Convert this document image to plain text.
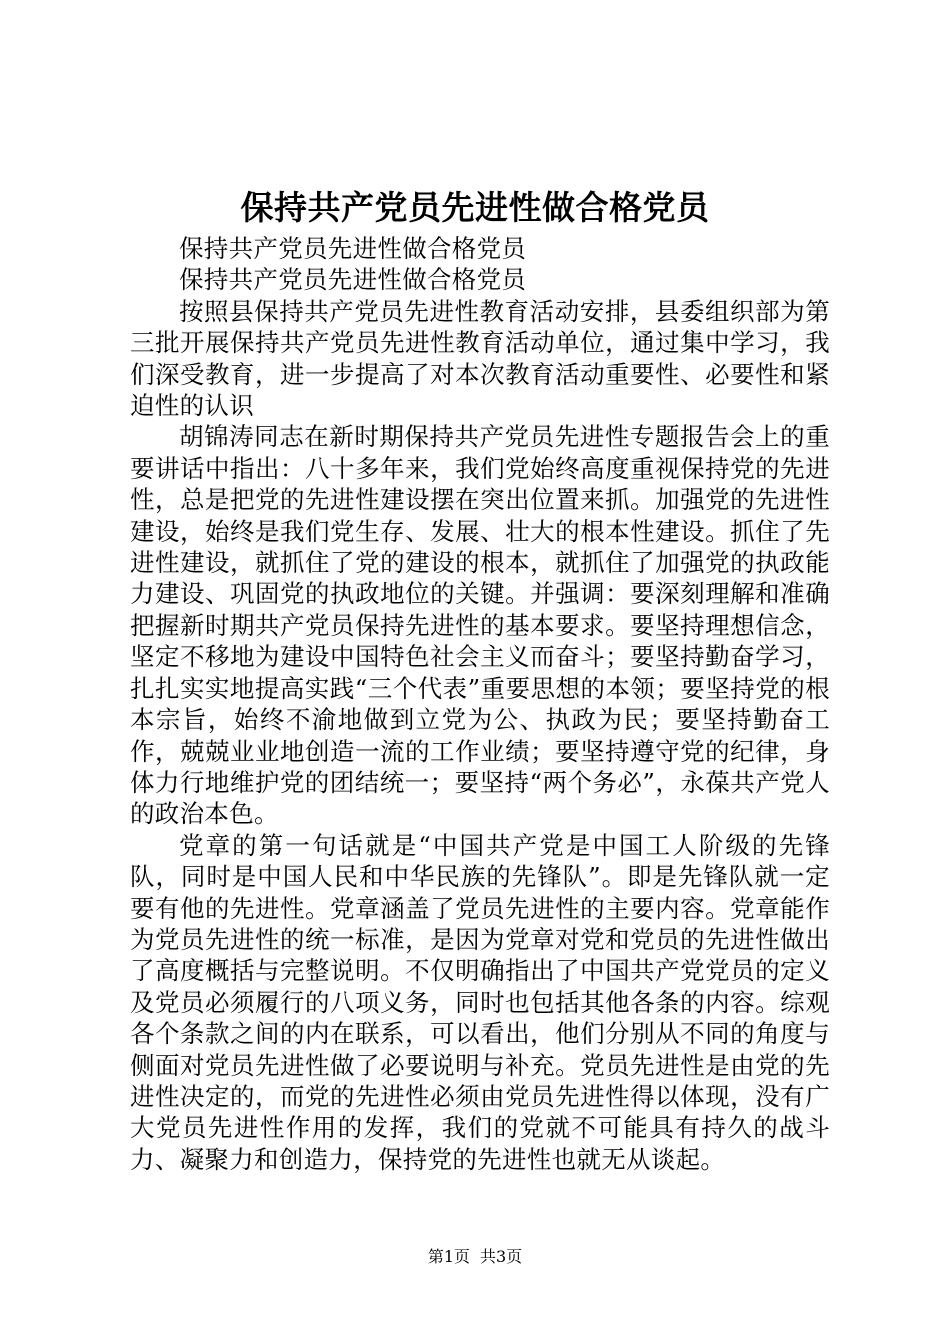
保持共产党员先进性做合格党员

保持共产党员先进性做合格党员

保持共产党员先进性做合格党员

按照县保持共产党员先进性教育活动安排，县委组织部为第三批开展保持共产党员先进性教育活动单位，通过集中学习，我们深受教育，进一步提高了对本次教育活动重要性、必要性和紧迫性的认识

胡锦涛同志在新时期保持共产党员先进性专题报告会上的重要讲话中指出：八十多年来，我们党始终高度重视保持党的先进性，总是把党的先进性建设摆在突出位置来抓。加强党的先进性建设，始终是我们党生存、发展、壮大的根本性建设。抓住了先进性建设，就抓住了党的建设的根本，就抓住了加强党的执政能力建设、巩固党的执政地位的关键。并强调：要深刻理解和准确把握新时期共产党员保持先进性的基本要求。要坚持理想信念，坚定不移地为建设中国特色社会主义而奋斗；要坚持勤奋学习，扎扎实实地提高实践“三个代表”重要思想的本领；要坚持党的根本宗旨，始终不渝地做到立党为公、执政为民；要坚持勤奋工作，兢兢业业地创造一流的工作业绩；要坚持遵守党的纪律，身体力行地维护党的团结统一；要坚持“两个务必”，永葆共产党人的政治本色。

党章的第一句话就是“中国共产党是中国工人阶级的先锋队，同时是中国人民和中华民族的先锋队”。即是先锋队就一定要有他的先进性。党章涵盖了党员先进性的主要内容。党章能作为党员先进性的统一标准，是因为党章对党和党员的先进性做出了高度概括与完整说明。不仅明确指出了中国共产党党员的定义及党员必须履行的八项义务，同时也包括其他各条的内容。综观各个条款之间的内在联系，可以看出，他们分别从不同的角度与侧面对党员先进性做了必要说明与补充。党员先进性是由党的先进性决定的，而党的先进性必须由党员先进性得以体现，没有广大党员先进性作用的发挥，我们的党就不可能具有持久的战斗力、凝聚力和创造力，保持党的先进性也就无从谈起。

第1页 共3页
